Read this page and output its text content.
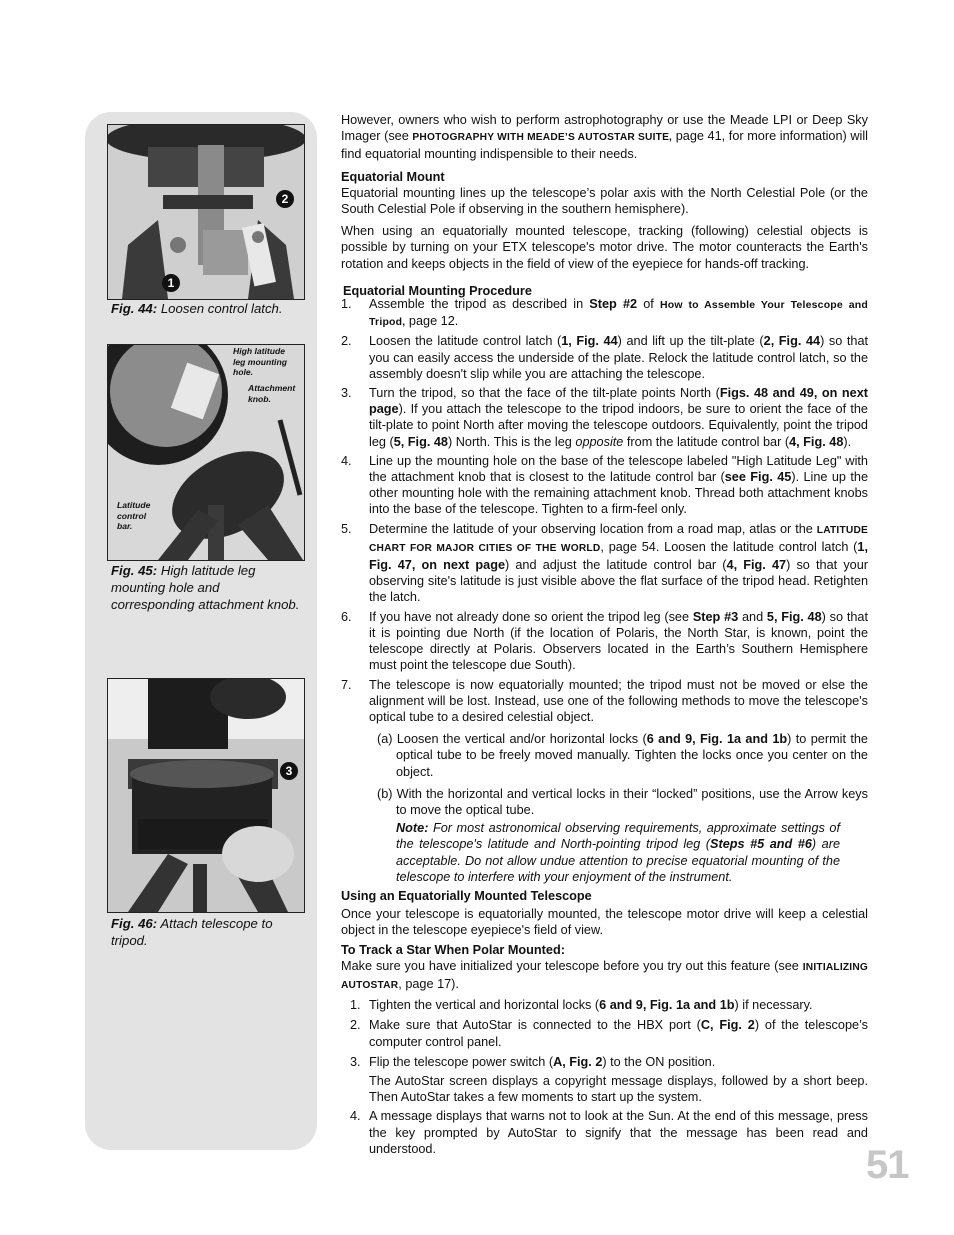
2
1
Fig. 44: Loosen control latch.
High latitude leg mounting hole.
Attachment knob.
Latitude control bar.
Fig. 45: High latitude leg mounting hole and corresponding attachment knob.
3
Fig. 46: Attach telescope to tripod.

However, owners who wish to perform astrophotography or use the Meade LPI or Deep Sky Imager (see PHOTOGRAPHY WITH MEADE’S AUTOSTAR SUITE, page 41, for more information) will find equatorial mounting indispensible to their needs.

Equatorial Mount

Equatorial mounting lines up the telescope’s polar axis with the North Celestial Pole (or the South Celestial Pole if observing in the southern hemisphere).

When using an equatorially mounted telescope, tracking (following) celestial objects is possible by turning on your ETX telescope's motor drive. The motor counteracts the Earth's rotation and keeps objects in the field of view of the eyepiece for hands-off tracking.

Equatorial Mounting Procedure

1. Assemble the tripod as described in Step #2 of How to Assemble Your Telescope and Tripod, page 12.
2. Loosen the latitude control latch (1, Fig. 44) and lift up the tilt-plate (2, Fig. 44) so that you can easily access the underside of the plate. Relock the latitude control latch, so the assembly doesn't slip while you are attaching the telescope.
3. Turn the tripod, so that the face of the tilt-plate points North (Figs. 48 and 49, on next page). If you attach the telescope to the tripod indoors, be sure to orient the face of the tilt-plate to point North after moving the telescope outdoors. Equivalently, point the tripod leg (5, Fig. 48) North. This is the leg opposite from the latitude control bar (4, Fig. 48).
4. Line up the mounting hole on the base of the telescope labeled "High Latitude Leg" with the attachment knob that is closest to the latitude control bar (see Fig. 45). Line up the other mounting hole with the remaining attachment knob. Thread both attachment knobs into the base of the telescope. Tighten to a firm-feel only.
5. Determine the latitude of your observing location from a road map, atlas or the LATITUDE CHART FOR MAJOR CITIES OF THE WORLD, page 54. Loosen the latitude control latch (1, Fig. 47, on next page) and adjust the latitude control bar (4, Fig. 47) so that your observing site's latitude is just visible above the flat surface of the tripod head. Retighten the latch.
6. If you have not already done so orient the tripod leg (see Step #3 and 5, Fig. 48) so that it is pointing due North (if the location of Polaris, the North Star, is known, point the telescope directly at Polaris. Observers located in the Earth’s Southern Hemisphere must point the telescope due South).
7. The telescope is now equatorially mounted; the tripod must not be moved or else the alignment will be lost. Instead, use one of the following methods to move the telescope's optical tube to a desired celestial object.
(a) Loosen the vertical and/or horizontal locks (6 and 9, Fig. 1a and 1b) to permit the optical tube to be freely moved manually. Tighten the locks once you center on the object.
(b) With the horizontal and vertical locks in their “locked” positions, use the Arrow keys to move the optical tube.
Note: For most astronomical observing requirements, approximate settings of the telescope's latitude and North-pointing tripod leg (Steps #5 and #6) are acceptable. Do not allow undue attention to precise equatorial mounting of the telescope to interfere with your enjoyment of the instrument.

Using an Equatorially Mounted Telescope

Once your telescope is equatorially mounted, the telescope motor drive will keep a celestial object in the telescope eyepiece's field of view.

To Track a Star When Polar Mounted:

Make sure you have initialized your telescope before you try out this feature (see INITIALIZING AUTOSTAR, page 17).

1. Tighten the vertical and horizontal locks (6 and 9, Fig. 1a and 1b) if necessary.
2. Make sure that AutoStar is connected to the HBX port (C, Fig. 2) of the telescope’s computer control panel.
3. Flip the telescope power switch (A, Fig. 2) to the ON position.
The AutoStar screen displays a copyright message displays, followed by a short beep. Then AutoStar takes a few moments to start up the system.
4. A message displays that warns not to look at the Sun. At the end of this message, press the key prompted by AutoStar to signify that the message has been read and understood.	51
